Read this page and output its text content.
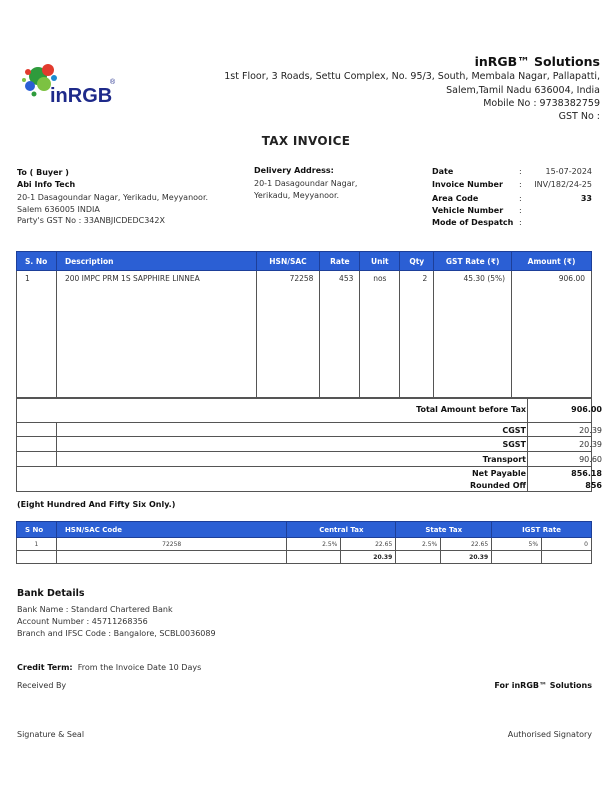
inRGB
®
inRGB™ Solutions
1st Floor, 3 Roads, Settu Complex, No. 95/3, South, Membala Nagar, Pallapatti,
Salem,Tamil Nadu 636004, India
Mobile No : 9738382759
GST No :
TAX INVOICE
To ( Buyer )
Abi Info Tech
20-1 Dasagoundar Nagar, Yerikadu, Meyyanoor.
Salem 636005 INDIA
Party's GST No : 33ANBJICDEDC342X
Delivery Address:
20-1 Dasagoundar Nagar,
Yerikadu, Meyyanoor.
Date	:	15-07-2024
Invoice Number : INV/182/24-25
Area Code	:	33
Vehicle Number :
Mode of Despatch :
S. No	Description	HSN/SAC	Rate	Unit	Qty	GST Rate (₹)	Amount (₹)
1	200 IMPC PRM 1S SAPPHIRE LINNEA	72258	453	nos	2	45.30 (5%)	906.00
Total Amount before Tax	906.00
CGST	20.39
SGST	20.39
Transport	90.60
Net Payable	856.18
Rounded Off	856
(Eight Hundred And Fifty Six Only.)
S No	HSN/SAC Code	Central Tax		State Tax		IGST Rate	
1	72258	2.5%	22.65	2.5%	22.65	5%	0
			20.39		20.39		
Bank Details
Bank Name : Standard Chartered Bank
Account Number : 45711268356
Branch and IFSC Code : Bangalore, SCBL0036089
Credit Term: From the Invoice Date 10 Days
Received By	For inRGB™ Solutions
Signature & Seal	Authorised Signatory
